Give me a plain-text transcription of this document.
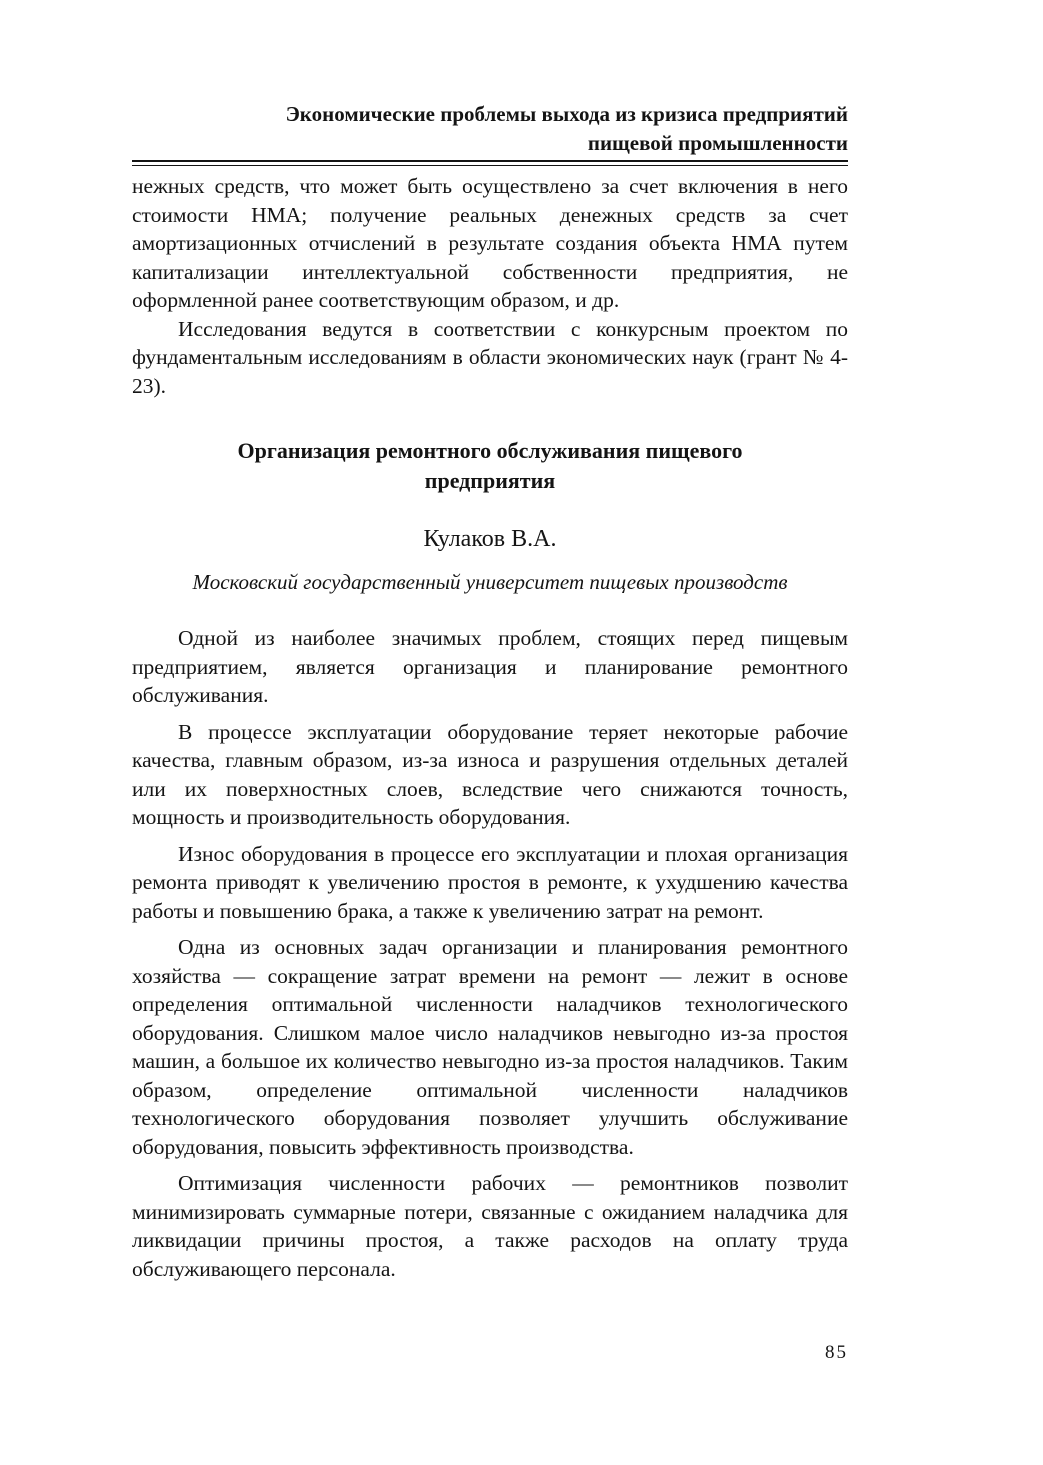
Экономические проблемы выхода из кризиса предприятий
пищевой промышленности

нежных средств, что может быть осуществлено за счет включения в него стоимости НМА; получение реальных денежных средств за счет амортизационных отчислений в результате создания объекта НМА путем капитализации интеллектуальной собственности предприятия, не оформленной ранее соответствующим образом, и др.

Исследования ведутся в соответствии с конкурсным проектом по фундаментальным исследованиям в области экономических наук (грант № 4-23).

Организация ремонтного обслуживания пищевого
предприятия
Кулаков В.А.
Московский государственный университет пищевых производств

Одной из наиболее значимых проблем, стоящих перед пищевым предприятием, является организация и планирование ремонтного обслуживания.

В процессе эксплуатации оборудование теряет некоторые рабочие качества, главным образом, из-за износа и разрушения отдельных деталей или их поверхностных слоев, вследствие чего снижаются точность, мощность и производительность оборудования.

Износ оборудования в процессе его эксплуатации и плохая организация ремонта приводят к увеличению простоя в ремонте, к ухудшению качества работы и повышению брака, а также к увеличению затрат на ремонт.

Одна из основных задач организации и планирования ремонтного хозяйства — сокращение затрат времени на ремонт — лежит в основе определения оптимальной численности наладчиков технологического оборудования. Слишком малое число наладчиков невыгодно из-за простоя машин, а большое их количество невыгодно из-за простоя наладчиков. Таким образом, определение оптимальной численности наладчиков технологического оборудования позволяет улучшить обслуживание оборудования, повысить эффективность производства.

Оптимизация численности рабочих — ремонтников позволит минимизировать суммарные потери, связанные с ожиданием наладчика для ликвидации причины простоя, а также расходов на оплату труда обслуживающего персонала.

85
